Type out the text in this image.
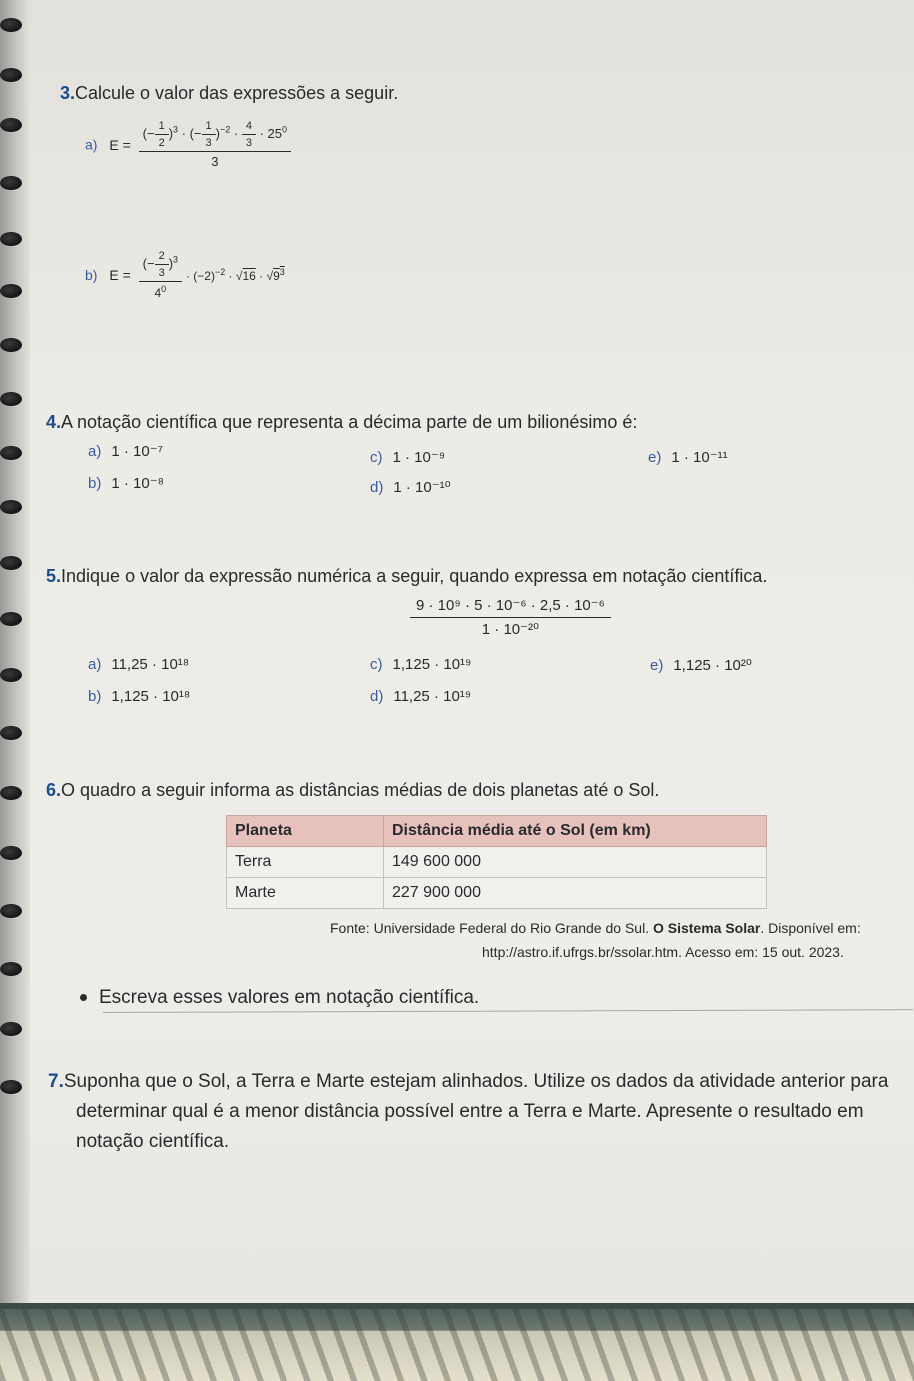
3.Calcule o valor das expressões a seguir.
a) $E = \frac{(- \frac{1}{2} )^3 \cdot (- \frac{1}{3} )^{-2} \cdot \frac{4}{3} \cdot 25^0}{3}$
b) $E = \frac{(- \frac{2}{3} )^3}{4^0} \cdot (-2)^{-2} \cdot √16 \cdot √9^3$
4.A notação científica que representa a décima parte de um bilionésimo é:
a) 1 · 10⁻⁷
b) 1 · 10⁻⁸
c) 1 · 10⁻⁹
d) 1 · 10⁻¹⁰
e) 1 · 10⁻¹¹
5.Indique o valor da expressão numérica a seguir, quando expressa em notação científica.
$\frac{\text{9 · 10⁹ · 5 · 10⁻⁶ · 2,5 · 10⁻⁶}}{\text{1 · 10⁻²⁰}}$
a) 11,25 · 10¹⁸
b) 1,125 · 10¹⁸
c) 1,125 · 10¹⁹
d) 11,25 · 10¹⁹
e) 1,125 · 10²⁰
6.O quadro a seguir informa as distâncias médias de dois planetas até o Sol.
Planeta	Distância média até o Sol (em km)
Terra	149 600 000
Marte	227 900 000
Fonte: Universidade Federal do Rio Grande do Sul. O Sistema Solar. Disponível em:
http://astro.if.ufrgs.br/ssolar.htm. Acesso em: 15 out. 2023.
Escreva esses valores em notação científica.
7.Suponha que o Sol, a Terra e Marte estejam alinhados. Utilize os dados da atividade anterior para determinar qual é a menor distância possível entre a Terra e Marte. Apresente o resultado em notação científica.
